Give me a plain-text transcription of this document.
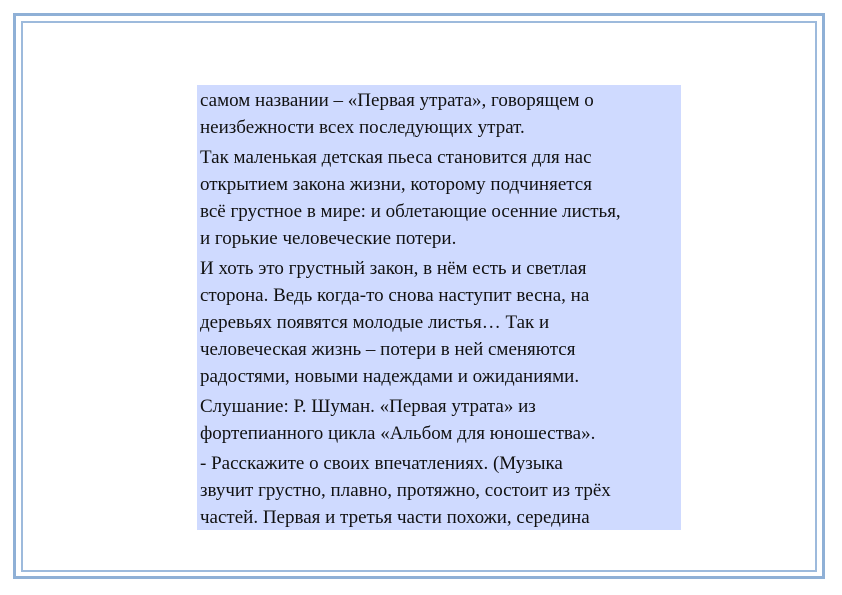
самом названии – «Первая утрата», говорящем о
неизбежности всех последующих утрат.
Так маленькая детская пьеса становится для нас
открытием закона жизни, которому подчиняется
всё грустное в мире: и облетающие осенние листья,
и горькие человеческие потери.
И хоть это грустный закон, в нём есть и светлая
сторона. Ведь когда-то снова наступит весна, на
деревьях появятся молодые листья… Так и
человеческая жизнь – потери в ней сменяются
радостями, новыми надеждами и ожиданиями.
Слушание: Р. Шуман. «Первая утрата» из
фортепианного цикла «Альбом для юношества».
- Расскажите о своих впечатлениях. (Музыка
звучит грустно, плавно, протяжно, состоит из трёх
частей. Первая и третья части похожи, середина
